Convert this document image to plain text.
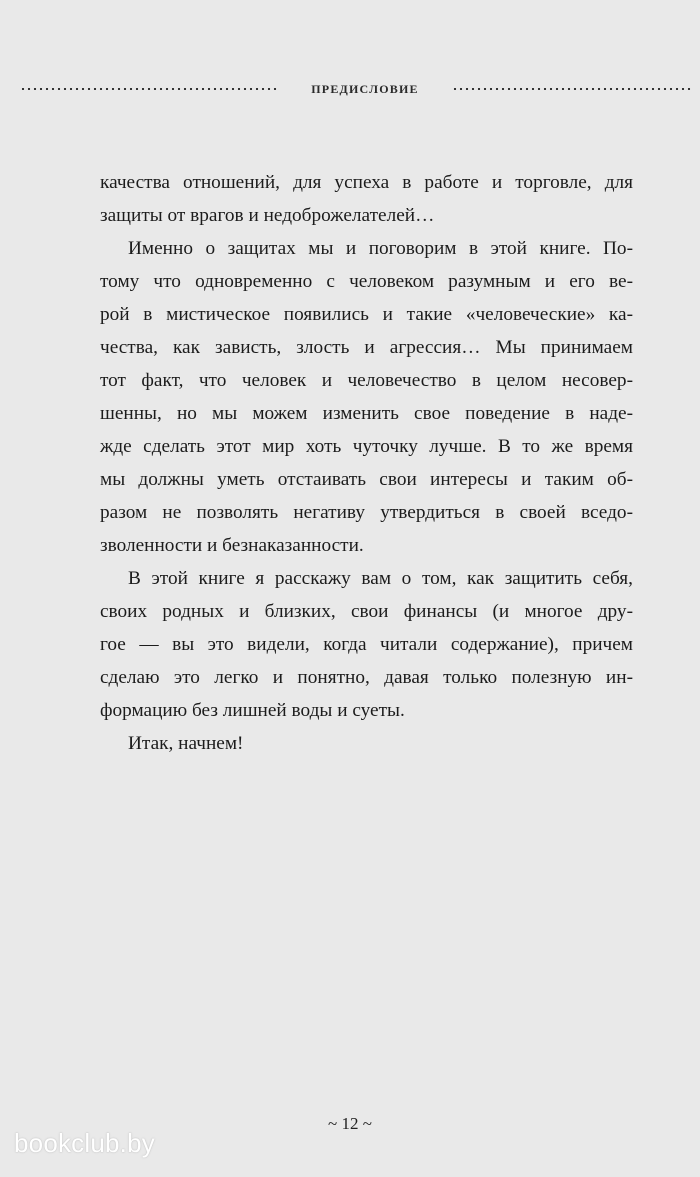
ПРЕДИСЛОВИЕ
качества отношений, для успеха в работе и торговле, для
защиты от врагов и недоброжелателей…
Именно о защитах мы и поговорим в этой книге. По-
тому что одновременно с человеком разумным и его ве-
рой в мистическое появились и такие «человеческие» ка-
чества, как зависть, злость и агрессия… Мы принимаем
тот факт, что человек и человечество в целом несовер-
шенны, но мы можем изменить свое поведение в наде-
жде сделать этот мир хоть чуточку лучше. В то же время
мы должны уметь отстаивать свои интересы и таким об-
разом не позволять негативу утвердиться в своей вседо-
зволенности и безнаказанности.
В этой книге я расскажу вам о том, как защитить себя,
своих родных и близких, свои финансы (и многое дру-
гое — вы это видели, когда читали содержание), причем
сделаю это легко и понятно, давая только полезную ин-
формацию без лишней воды и суеты.
Итак, начнем!
~ 12 ~
bookclub.by
